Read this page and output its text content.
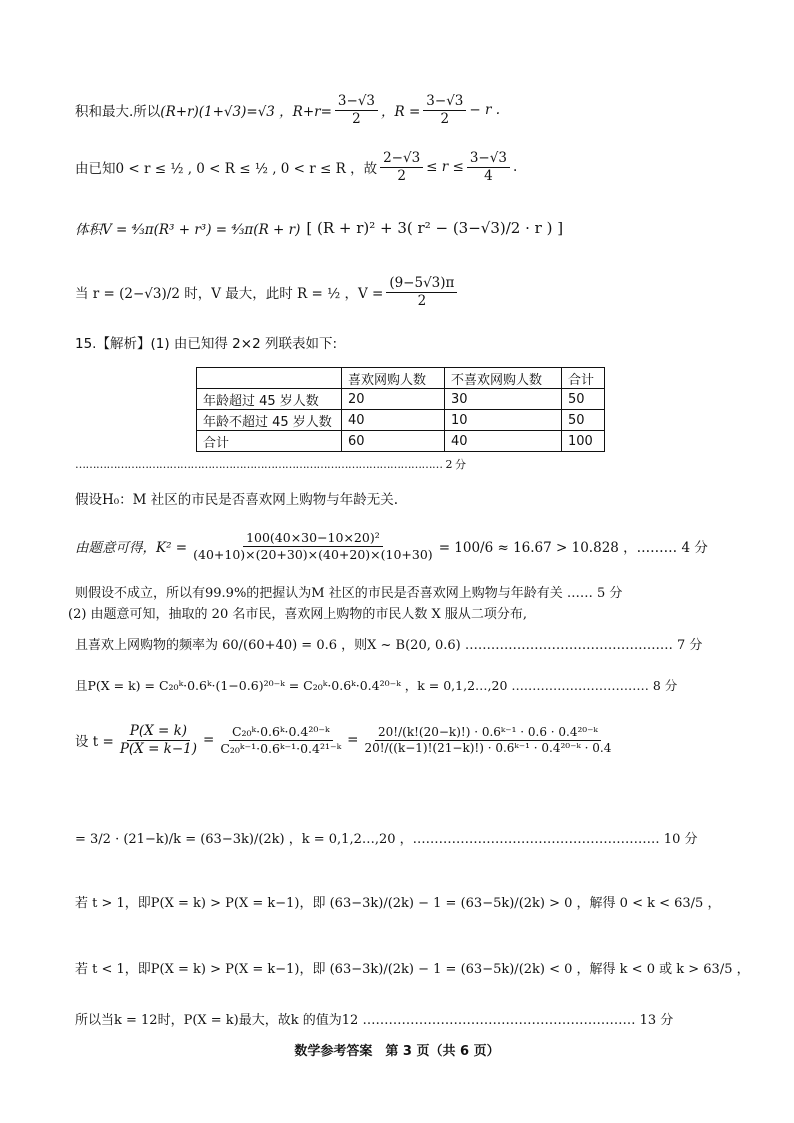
积和最大.所以 (R+r)(1+√3)=√3 ，$R+r= \frac{3-√3}{2}$ ，$R = \frac{3-√3}{2} - r$ .
由已知0 < r ≤ ½ , 0 < R ≤ ½ , 0 < r ≤ R ，故 $\frac{2-√3}{2} \le r \le \frac{3-√3}{4}$ .
体积V = ⁴⁄₃π(R³ + r³) = ⁴⁄₃π(R + r) [ (R + r)² + 3( r² − (3−√3)/2 · r ) ]
当 r = (2−√3)/2 时，V 最大，此时 R = ½ ，$V = \frac{(9-5√3)\pi}{2}$
15.【解析】(1) 由已知得 2×2 列联表如下:
	喜欢网购人数	不喜欢网购人数	合计
年龄超过 45 岁人数	20	30	50
年龄不超过 45 岁人数	40	10	50
合计	60	40	100
…………………………………………………………………………………………… 2 分
假设H₀：M 社区的市民是否喜欢网上购物与年龄无关.
由题意可得，$K^2 = \frac{\text{100(40×30−10×20)²}}{(40+10)\times(20+30)\times(40+20)\times(10+30)} = 100/6 \approx 16.67 > 10.828$ ，……… 4 分
则假设不成立，所以有99.9%的把握认为M 社区的市民是否喜欢网上购物与年龄有关 …… 5 分
(2) 由题意可知，抽取的 20 名市民，喜欢网上购物的市民人数 X 服从二项分布,
且喜欢上网购物的频率为 60/(60+40) = 0.6 ，则X ~ B(20, 0.6) ………………………………………… 7 分
且P(X = k) = C₂₀ᵏ·0.6ᵏ·(1−0.6)²⁰⁻ᵏ = C₂₀ᵏ·0.6ᵏ·0.4²⁰⁻ᵏ ，k = 0,1,2…,20 …………………………… 8 分
设 $t = \frac{P(X = k)}{P(X = k-1)} = \frac{\text{C₂₀ᵏ·0.6ᵏ·0.4²⁰⁻ᵏ}}{\text{C₂₀ᵏ⁻¹·0.6ᵏ⁻¹·0.4²¹⁻ᵏ}} = \frac{\text{20!/(k!(20−k)!) · 0.6ᵏ⁻¹ · 0.6 · 0.4²⁰⁻ᵏ}}{\text{20!/((k−1)!(21−k)!) · 0.6ᵏ⁻¹ · 0.4²⁰⁻ᵏ · 0.4}}$
= 3/2 · (21−k)/k = (63−3k)/(2k) ，k = 0,1,2…,20 ，………………………………………………… 10 分
若 t > 1，即P(X = k) > P(X = k−1)，即 (63−3k)/(2k) − 1 = (63−5k)/(2k) > 0 ，解得 0 < k < 63/5 ，
若 t < 1，即P(X = k) > P(X = k−1)，即 (63−3k)/(2k) − 1 = (63−5k)/(2k) < 0 ，解得 k < 0 或 k > 63/5 ，
所以当k = 12时，P(X = k)最大，故k 的值为12 ……………………………………………………… 13 分
数学参考答案　第 3 页（共 6 页）
